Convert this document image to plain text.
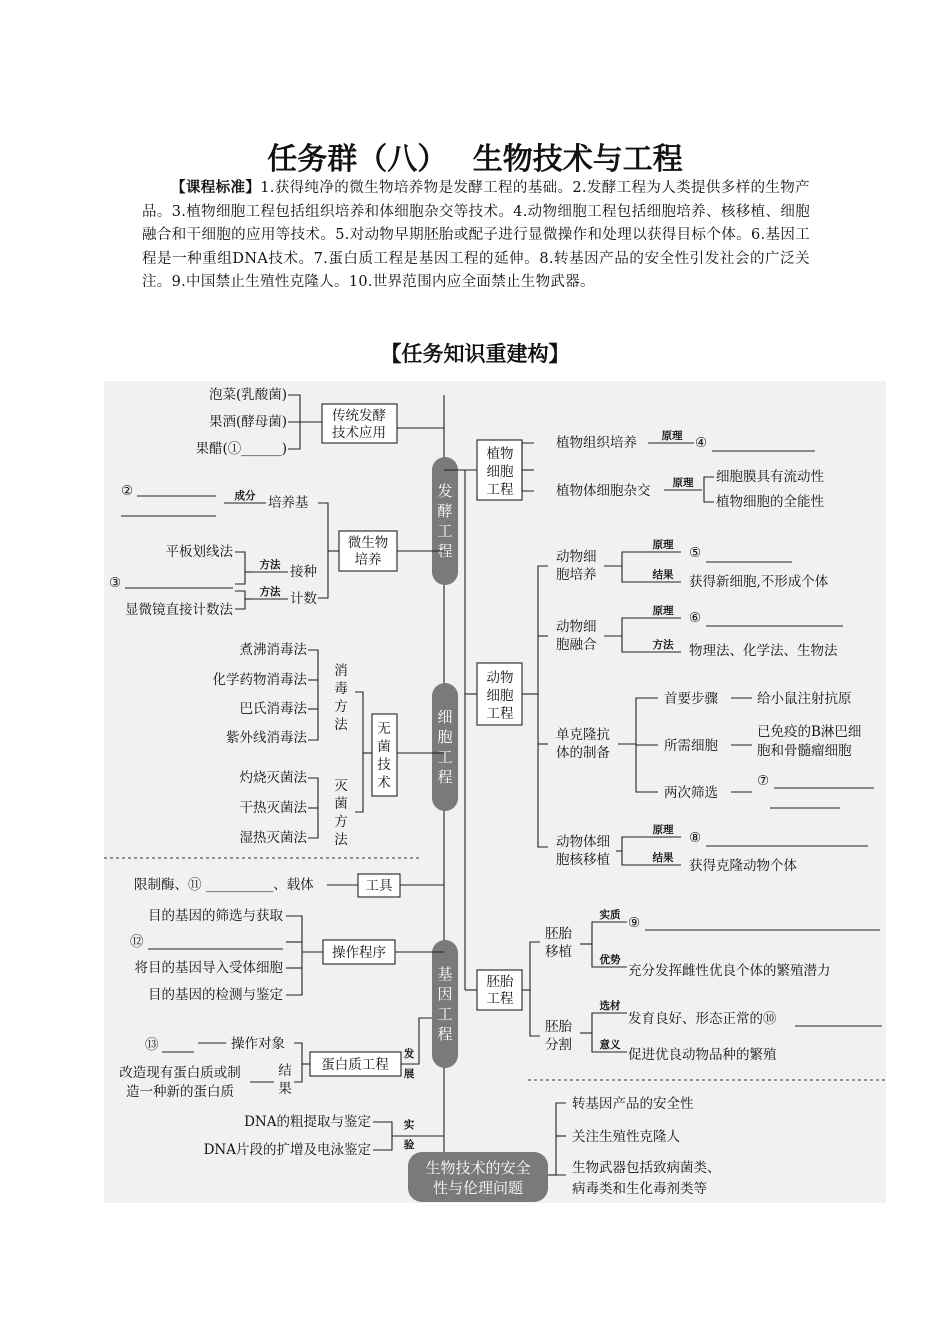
任务群（八）　 生物技术与工程
【课程标准】1.获得纯净的微生物培养物是发酵工程的基础。2.发酵工程为人类提供多样的生物产品。3.植物细胞工程包括组织培养和体细胞杂交等技术。4.动物细胞工程包括细胞培养、核移植、细胞融合和干细胞的应用等技术。5.对动物早期胚胎或配子进行显微操作和处理以获得目标个体。6.基因工程是一种重组DNA技术。7.蛋白质工程是基因工程的延伸。8.转基因产品的安全性引发社会的广泛关注。9.中国禁止生殖性克隆人。10.世界范围内应全面禁止生物武器。
【任务知识重建构】
发
酵
工
程
细
胞
工
程
基
因
工
程
生物技术的安全
性与伦理问题
传统发酵
技术应用
泡菜(乳酸菌)
果酒(酵母菌)
果醋(①______)
微生物
培养
培养基
成分
②
接种
计数
方法
方法
平板划线法
③
显微镜直接计数法
无
菌
技
术
消
毒
方
法
煮沸消毒法
化学药物消毒法
巴氏消毒法
紫外线消毒法
灭
菌
方
法
灼烧灭菌法
干热灭菌法
湿热灭菌法
植物
细胞
工程
植物组织培养 原理 ④
植物体细胞杂交 原理 细胞膜具有流动性
植物细胞的全能性
动物
细胞
工程
动物细
胞培养
原理
结果
⑤
获得新细胞,不形成个体
动物细
胞融合
原理
方法
⑥
物理法、化学法、生物法
单克隆抗
体的制备
首要步骤	给小鼠注射抗原
所需细胞
已免疫的B淋巴细
胞和骨髓瘤细胞
两次筛选
⑦
动物体细
胞核移植
原理
结果
⑧
获得克隆动物个体
胚胎
工程
胚胎
移植
实质
优势
⑨
充分发挥雌性优良个体的繁殖潜力
胚胎
分割
选材
意义
发育良好、形态正常的⑩
促进优良动物品种的繁殖
工具
限制酶、⑪ __________、载体
操作程序
目的基因的筛选与获取
⑫
将目的基因导入受体细胞
目的基因的检测与鉴定
发
展
蛋白质工程
操作对象
⑬
结
果
改造现有蛋白质或制
造一种新的蛋白质
实
验
DNA的粗提取与鉴定
DNA片段的扩增及电泳鉴定
转基因产品的安全性
关注生殖性克隆人
生物武器包括致病菌类、
病毒类和生化毒剂类等
